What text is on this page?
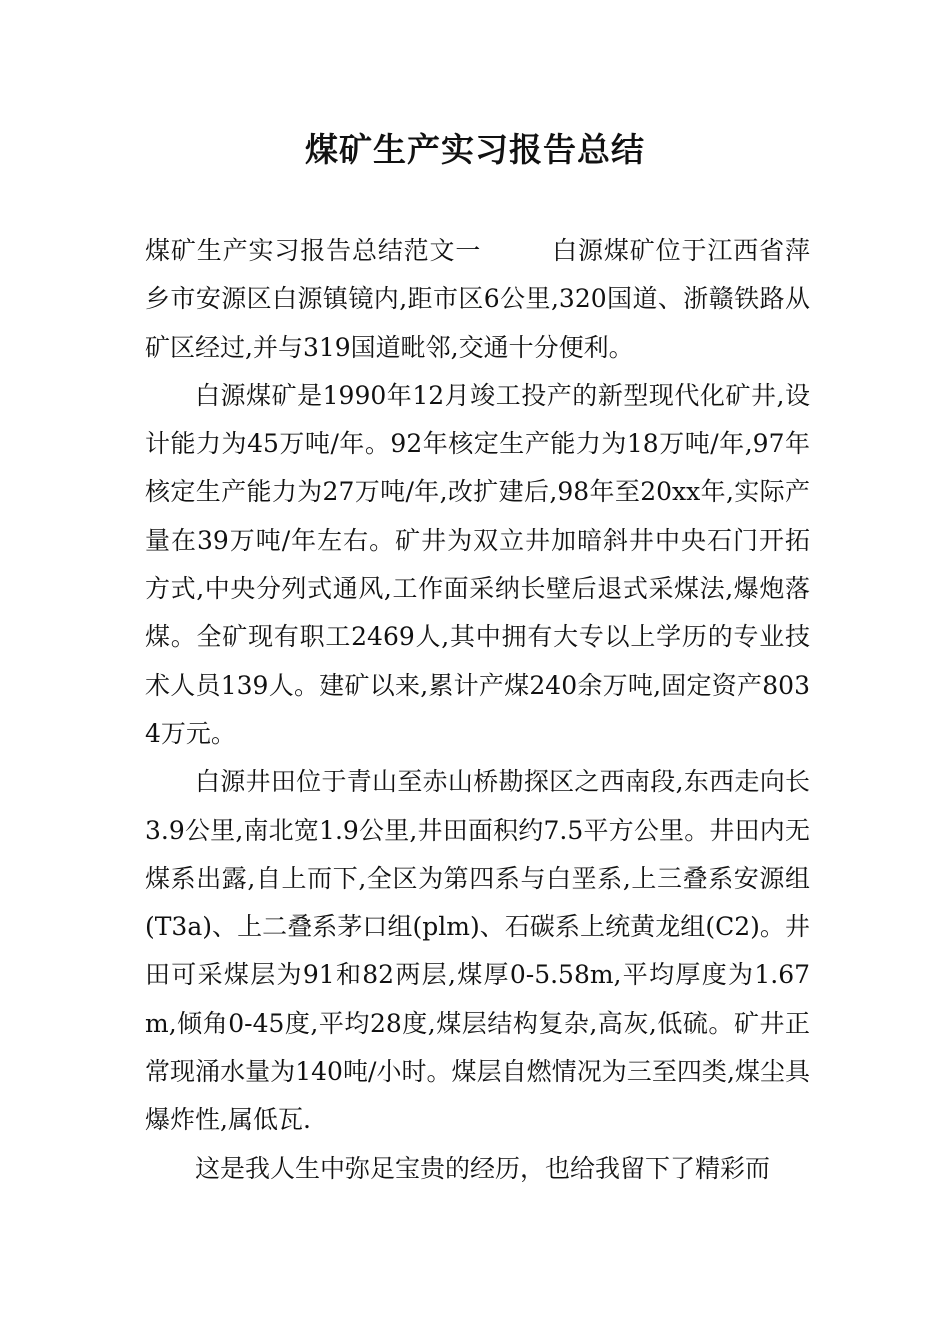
煤矿生产实习报告总结

煤矿生产实习报告总结范文一	白源煤矿位于江西省萍乡市安源区白源镇镜内,距市区6公里,320国道、浙赣铁路从矿区经过,并与319国道毗邻,交通十分便利。

白源煤矿是1990年12月竣工投产的新型现代化矿井,设计能力为45万吨/年。92年核定生产能力为18万吨/年,97年核定生产能力为27万吨/年,改扩建后,98年至20xx年,实际产量在39万吨/年左右。矿井为双立井加暗斜井中央石门开拓方式,中央分列式通风,工作面采纳长壁后退式采煤法,爆炮落煤。全矿现有职工2469人,其中拥有大专以上学历的专业技术人员139人。建矿以来,累计产煤240余万吨,固定资产8034万元。

白源井田位于青山至赤山桥勘探区之西南段,东西走向长3.9公里,南北宽1.9公里,井田面积约7.5平方公里。井田内无煤系出露,自上而下,全区为第四系与白垩系,上三叠系安源组(T3a)、上二叠系茅口组(plm)、石碳系上统黄龙组(C2)。井田可采煤层为91和82两层,煤厚0-5.58m,平均厚度为1.67m,倾角0-45度,平均28度,煤层结构复杂,高灰,低硫。矿井正常现涌水量为140吨/小时。煤层自燃情况为三至四类,煤尘具爆炸性,属低瓦.

这是我人生中弥足宝贵的经历，也给我留下了精彩而
